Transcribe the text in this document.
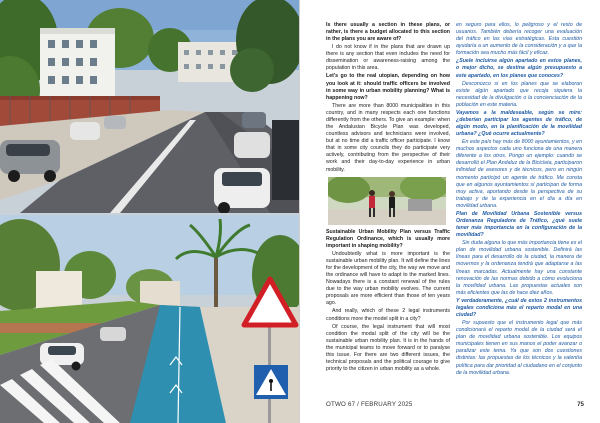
Is there usually a section in these plans, or rather, is there a budget allocated to this section in the plans you are aware of?

I do not know if in the plans that are drawn up there is any section that even includes the need for dissemination or awareness-raising among the population in this area.

Let’s go to the real utopian, depending on how you look at it: should traffic officers be involved in some way in urban mobility planning? What is happening now?

There are more than 8000 municipalities in this country, and in many respects each one functions differently from the others. To give an example: when the Andalusian Bicycle Plan was developed, countless advisors and technicians were involved, but at no time did a traffic officer participate. I know that in some city councils they do participate very actively, contributing from the perspective of their work and their day-to-day experience in urban mobility.

Sustainable Urban Mobility Plan versus Traffic Regulation Ordinance, which is usually more important in shaping mobility?

Undoubtedly what is more important is the sustainable urban mobility plan. It will define the lines for the development of the city, the way we move and the ordinance will have to adapt to the marked lines. Nowadays there is a constant renewal of the rules due to the way urban mobility evolves. The current proposals are more efficient than those of ten years ago.

And really, which of these 2 legal instruments conditions more the model split in a city?

Of course, the legal instrument that will most condition the modal split of the city will be the sustainable urban mobility plan. It is in the hands of the municipal teams to move forward or to paralyse this issue. For there are two different issues, the technical proposals and the political courage to give priority to the citizen in urban mobility as a whole.

en seguro para ellos, lo peligroso y el resto de usuarios. También debería recoger una evaluación del tráfico en las vías estratégicas. Esta cuestión ayudaría a un aumento de la consideración y a que la formación sea mucho más fácil y eficaz.

¿Suele incluirse algún apartado en estos planes, o mejor dicho, se destina algún presupuesto a este apartado, en los planes que conoces?

Desconozco si en los planes que se elaboran existe algún apartado que recoja siquiera la necesidad de la divulgación o la concienciación de la población en este materia.

Vayamos a la maldeseable, según se mire: ¿deberían participar los agentes de tráfico, de algún modo, en la planificación de la movilidad urbana? ¿Qué ocurre actualmente?

En este país hay más de 8000 ayuntamientos, y en muchos aspectos cada uno funciona de una manera diferente a los otros. Pongo un ejemplo: cuando se desarrolló el Plan Andaluz de la Bicicleta, participaron infinidad de asesores y de técnicos, pero en ningún momento participó un agente de tráfico. Me consta que en algunos ayuntamientos sí participan de forma muy activa, aportando desde la perspectiva de su trabajo y de la experiencia en el día a día en movilidad urbana.

Plan de Movilidad Urbana Sostenible versus Ordenanza Reguladora de Tráfico, ¿qué suele tener más importancia en la configuración de la movilidad?

Sin duda alguna lo que más importancia tiene es el plan de movilidad urbana sostenible. Definirá las líneas para el desarrollo de la ciudad, la manera de movernos y la ordenanza tendrá que adaptarse a las líneas marcadas. Actualmente hay una constante renovación de las normas debido a cómo evoluciona la movilidad urbana. Las propuestas actuales son más eficientes que las de hace diez años.

Y verdaderamente, ¿cuál de estos 2 instrumentos legales condiciona más el reparto modal en una ciudad?

Por supuesto que el instrumento legal que más condicionará el reparto modal de la ciudad será el plan de movilidad urbana sostenible. Los equipos municipales tienen en sus manos el poder avanzar o paralizar este tema. Ya que son dos cuestiones distintas: las propuestas de los técnicos y la valentía política para dar prioridad al ciudadano en el conjunto de la movilidad urbana.

OTWO 67 / FEBRUARY 2025	75
